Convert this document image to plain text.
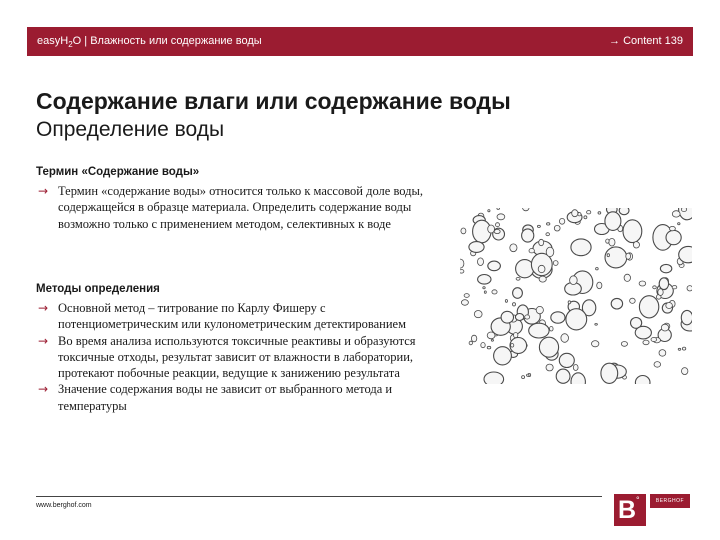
easyH$_2$O | Влажность или содержание воды	→ Content 139
Содержание влаги или содержание воды
Определение воды
Термин «Содержание воды»
→ Термин «содержание воды» относится только к массовой доле воды, содержащейся в образце материала. Определить содержание воды возможно только с применением методом, селективных к воде
Методы определения
→ Основной метод – титрование по Карлу Фишеру с потенциометрическим или кулонометрическим детектированием
→ Во время анализа используются токсичные реактивы и образуются токсичные отходы, результат зависит от влажности в лаборатории, протекают побочные реакции, ведущие к занижению результата
→ Значение содержания воды не зависит от выбранного метода и температуры
www.berghof.com	B °	BERGHOF
